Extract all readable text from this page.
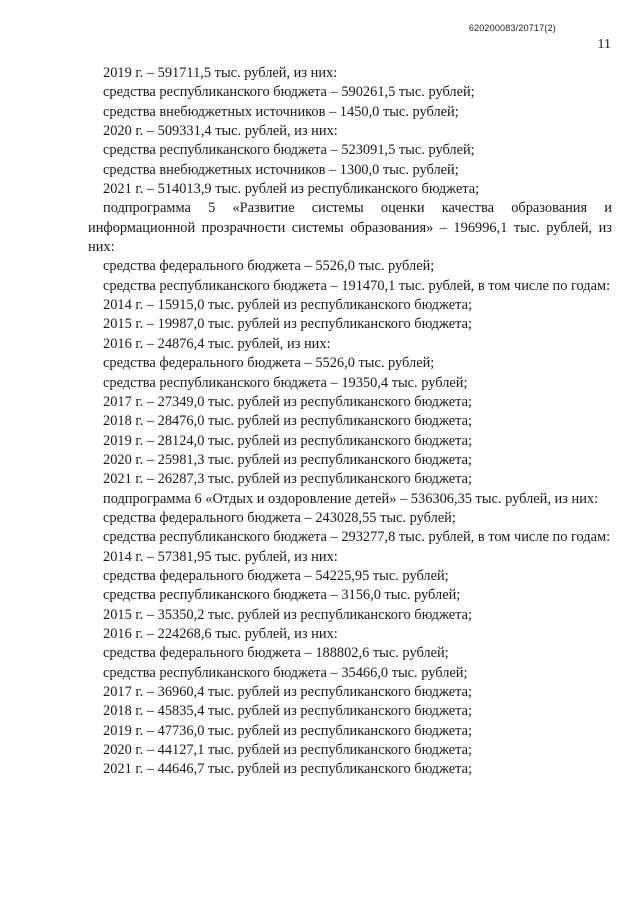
620200083/20717(2)
11
2019 г. – 591711,5 тыс. рублей, из них:
средства республиканского бюджета – 590261,5 тыс. рублей;
средства внебюджетных источников – 1450,0 тыс. рублей;
2020 г. – 509331,4 тыс. рублей, из них:
средства республиканского бюджета – 523091,5 тыс. рублей;
средства внебюджетных источников – 1300,0 тыс. рублей;
2021 г. – 514013,9 тыс. рублей из республиканского бюджета;
подпрограмма 5 «Развитие системы оценки качества образования и информационной прозрачности системы образования» – 196996,1 тыс. рублей, из них:
средства федерального бюджета – 5526,0 тыс. рублей;
средства республиканского бюджета – 191470,1 тыс. рублей, в том числе по годам:
2014 г. – 15915,0 тыс. рублей из республиканского бюджета;
2015 г. – 19987,0 тыс. рублей из республиканского бюджета;
2016 г. – 24876,4 тыс. рублей, из них:
средства федерального бюджета – 5526,0 тыс. рублей;
средства республиканского бюджета – 19350,4 тыс. рублей;
2017 г. – 27349,0 тыс. рублей из республиканского бюджета;
2018 г. – 28476,0 тыс. рублей из республиканского бюджета;
2019 г. – 28124,0 тыс. рублей из республиканского бюджета;
2020 г. – 25981,3 тыс. рублей из республиканского бюджета;
2021 г. – 26287,3 тыс. рублей из республиканского бюджета;
подпрограмма 6 «Отдых и оздоровление детей» – 536306,35 тыс. рублей, из них:
средства федерального бюджета – 243028,55 тыс. рублей;
средства республиканского бюджета – 293277,8 тыс. рублей, в том числе по годам:
2014 г. – 57381,95 тыс. рублей, из них:
средства федерального бюджета – 54225,95 тыс. рублей;
средства республиканского бюджета – 3156,0 тыс. рублей;
2015 г. – 35350,2 тыс. рублей из республиканского бюджета;
2016 г. – 224268,6 тыс. рублей, из них:
средства федерального бюджета – 188802,6 тыс. рублей;
средства республиканского бюджета – 35466,0 тыс. рублей;
2017 г. – 36960,4 тыс. рублей из республиканского бюджета;
2018 г. – 45835,4 тыс. рублей из республиканского бюджета;
2019 г. – 47736,0 тыс. рублей из республиканского бюджета;
2020 г. – 44127,1 тыс. рублей из республиканского бюджета;
2021 г. – 44646,7 тыс. рублей из республиканского бюджета;
